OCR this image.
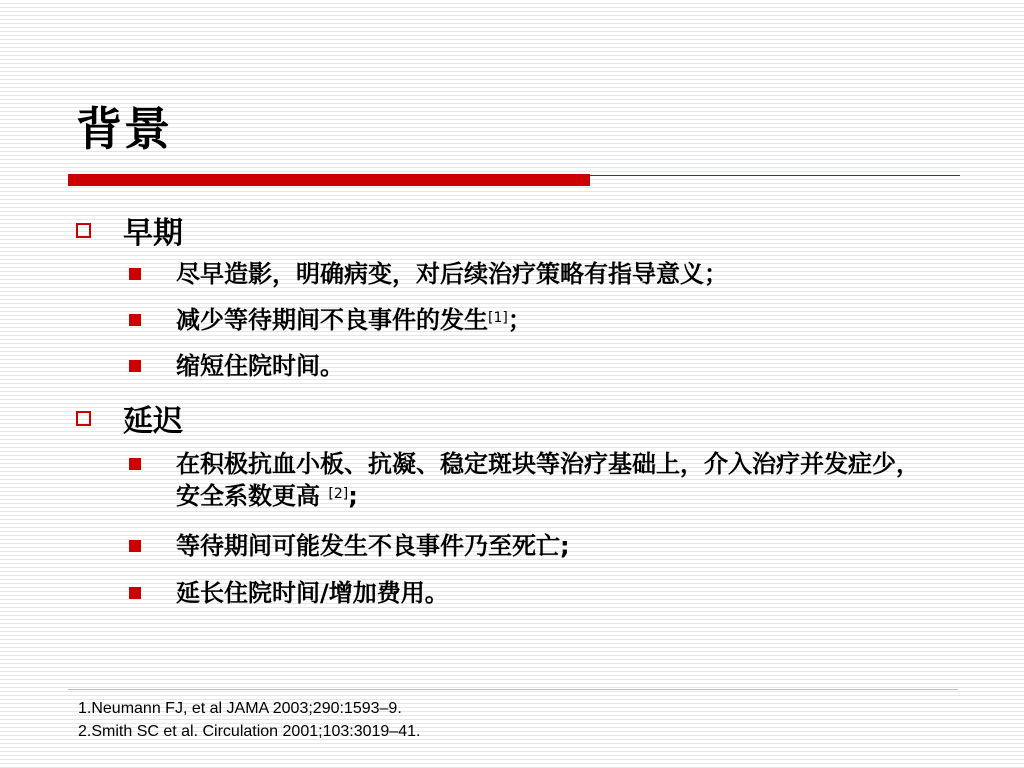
背景
早期
尽早造影，明确病变，对后续治疗策略有指导意义；
减少等待期间不良事件的发生[1]；
缩短住院时间。
延迟
在积极抗血小板、抗凝、稳定斑块等治疗基础上，介入治疗并发症少，安全系数更高 [2];
等待期间可能发生不良事件乃至死亡;
延长住院时间/增加费用。
1.Neumann FJ, et al JAMA 2003;290:1593–9.
2.Smith SC et al. Circulation 2001;103:3019–41.
